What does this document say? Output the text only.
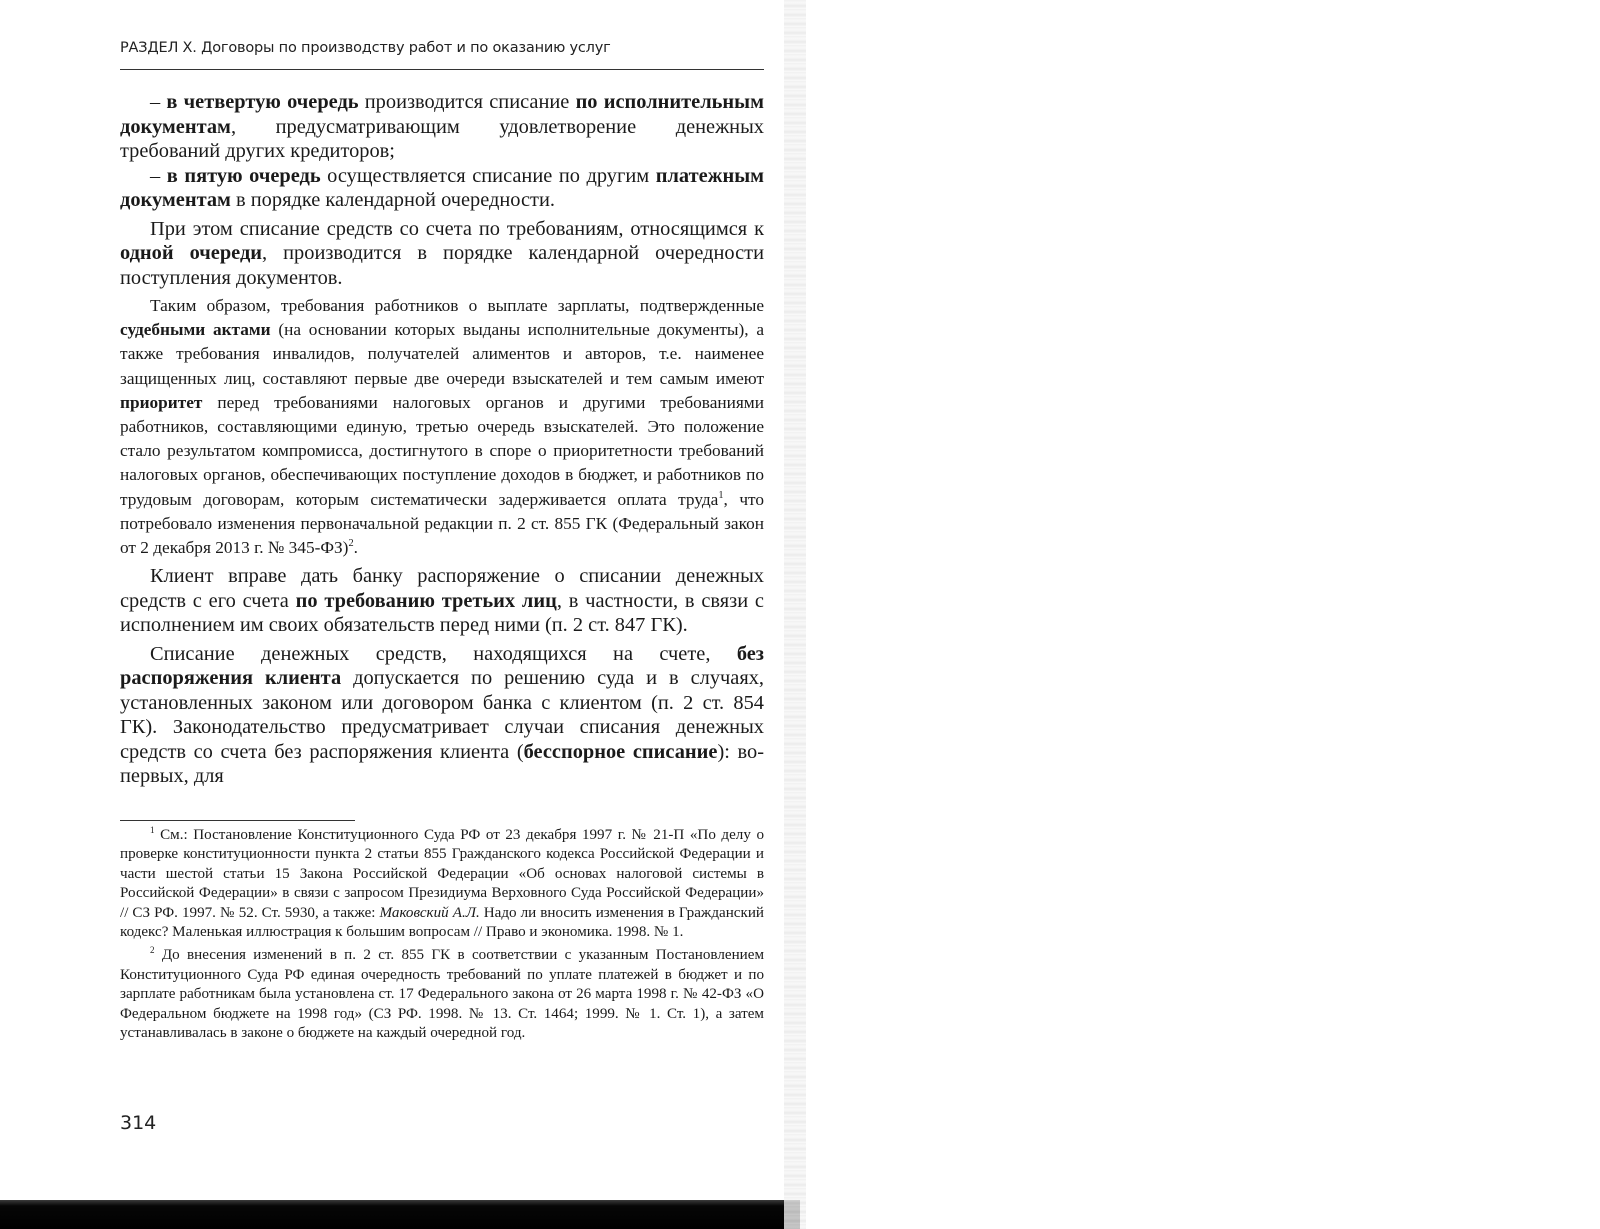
РАЗДЕЛ X. Договоры по производству работ и по оказанию услуг

– в четвертую очередь производится списание по исполнительным документам, предусматривающим удовлетворение денежных требований других кредиторов;

– в пятую очередь осуществляется списание по другим платежным документам в порядке календарной очередности.

При этом списание средств со счета по требованиям, относящимся к одной очереди, производится в порядке календарной очередности поступления документов.

Таким образом, требования работников о выплате зарплаты, подтвержденные судебными актами (на основании которых выданы исполнительные документы), а также требования инвалидов, получателей алиментов и авторов, т.е. наименее защищенных лиц, составляют первые две очереди взыскателей и тем самым имеют приоритет перед требованиями налоговых органов и другими требованиями работников, составляющими единую, третью очередь взыскателей. Это положение стало результатом компромисса, достигнутого в споре о приоритетности требований налоговых органов, обеспечивающих поступление доходов в бюджет, и работников по трудовым договорам, которым систематически задерживается оплата труда$^1$, что потребовало изменения первоначальной редакции п. 2 ст. 855 ГК (Федеральный закон от 2 декабря 2013 г. № 345-ФЗ)$^2$.

Клиент вправе дать банку распоряжение о списании денежных средств с его счета по требованию третьих лиц, в частности, в связи с исполнением им своих обязательств перед ними (п. 2 ст. 847 ГК).

Списание денежных средств, находящихся на счете, без распоряжения клиента допускается по решению суда и в случаях, установленных законом или договором банка с клиентом (п. 2 ст. 854 ГК). Законодательство предусматривает случаи списания денежных средств со счета без распоряжения клиента (бесспорное списание): во-первых, для

$^1$ См.: Постановление Конституционного Суда РФ от 23 декабря 1997 г. № 21-П «По делу о проверке конституционности пункта 2 статьи 855 Гражданского кодекса Российской Федерации и части шестой статьи 15 Закона Российской Федерации «Об основах налоговой системы в Российской Федерации» в связи с запросом Президиума Верховного Суда Российской Федерации» // СЗ РФ. 1997. № 52. Ст. 5930, а также: Маковский А.Л. Надо ли вносить изменения в Гражданский кодекс? Маленькая иллюстрация к большим вопросам // Право и экономика. 1998. № 1.

$^2$ До внесения изменений в п. 2 ст. 855 ГК в соответствии с указанным Постановлением Конституционного Суда РФ единая очередность требований по уплате платежей в бюджет и по зарплате работникам была установлена ст. 17 Федерального закона от 26 марта 1998 г. № 42-ФЗ «О Федеральном бюджете на 1998 год» (СЗ РФ. 1998. № 13. Ст. 1464; 1999. № 1. Ст. 1), а затем устанавливалась в законе о бюджете на каждый очередной год.

314
